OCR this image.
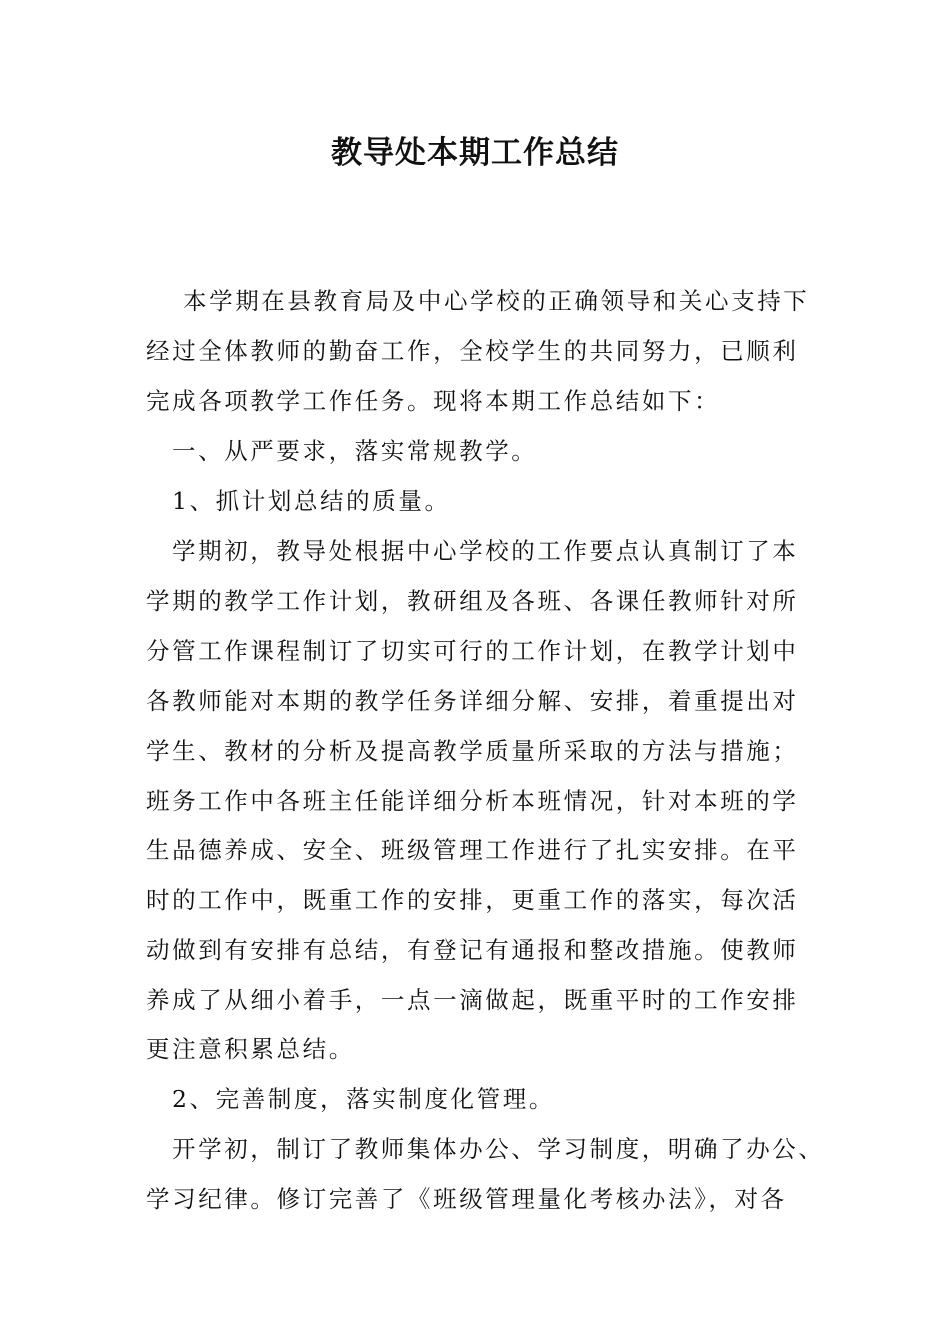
教导处本期工作总结
本学期在县教育局及中心学校的正确领导和关心支持下
经过全体教师的勤奋工作，全校学生的共同努力，已顺利
完成各项教学工作任务。现将本期工作总结如下：
一、从严要求，落实常规教学。
1、抓计划总结的质量。
学期初，教导处根据中心学校的工作要点认真制订了本
学期的教学工作计划，教研组及各班、各课任教师针对所
分管工作课程制订了切实可行的工作计划，在教学计划中
各教师能对本期的教学任务详细分解、安排，着重提出对
学生、教材的分析及提高教学质量所采取的方法与措施；
班务工作中各班主任能详细分析本班情况，针对本班的学
生品德养成、安全、班级管理工作进行了扎实安排。在平
时的工作中，既重工作的安排，更重工作的落实，每次活
动做到有安排有总结，有登记有通报和整改措施。使教师
养成了从细小着手，一点一滴做起，既重平时的工作安排
更注意积累总结。
2、完善制度，落实制度化管理。
开学初，制订了教师集体办公、学习制度，明确了办公、
学习纪律。修订完善了《班级管理量化考核办法》，对各
